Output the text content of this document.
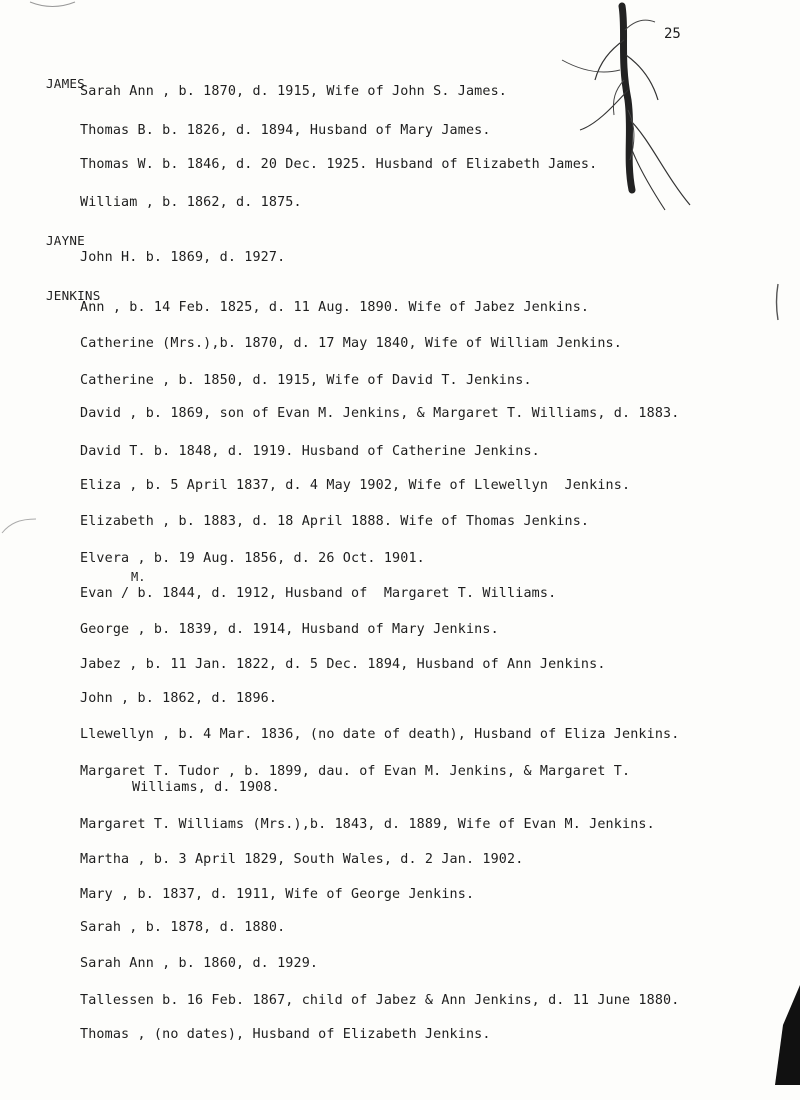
25
JAMES
Sarah Ann , b. 1870, d. 1915, Wife of John S. James.
Thomas B. b. 1826, d. 1894, Husband of Mary James.
Thomas W. b. 1846, d. 20 Dec. 1925. Husband of Elizabeth James.
William , b. 1862, d. 1875.
JAYNE
John H. b. 1869, d. 1927.
JENKINS
Ann , b. 14 Feb. 1825, d. 11 Aug. 1890. Wife of Jabez Jenkins.
Catherine (Mrs.),b. 1870, d. 17 May 1840, Wife of William Jenkins.
Catherine , b. 1850, d. 1915, Wife of David T. Jenkins.
David , b. 1869, son of Evan M. Jenkins, & Margaret T. Williams, d. 1883.
David T. b. 1848, d. 1919. Husband of Catherine Jenkins.
Eliza , b. 5 April 1837, d. 4 May 1902, Wife of Llewellyn  Jenkins.
Elizabeth , b. 1883, d. 18 April 1888. Wife of Thomas Jenkins.
Elvera , b. 19 Aug. 1856, d. 26 Oct. 1901.
M.
Evan / b. 1844, d. 1912, Husband of  Margaret T. Williams.
George , b. 1839, d. 1914, Husband of Mary Jenkins.
Jabez , b. 11 Jan. 1822, d. 5 Dec. 1894, Husband of Ann Jenkins.
John , b. 1862, d. 1896.
Llewellyn , b. 4 Mar. 1836, (no date of death), Husband of Eliza Jenkins.
Margaret T. Tudor , b. 1899, dau. of Evan M. Jenkins, & Margaret T.
Williams, d. 1908.
Margaret T. Williams (Mrs.),b. 1843, d. 1889, Wife of Evan M. Jenkins.
Martha , b. 3 April 1829, South Wales, d. 2 Jan. 1902.
Mary , b. 1837, d. 1911, Wife of George Jenkins.
Sarah , b. 1878, d. 1880.
Sarah Ann , b. 1860, d. 1929.
Tallessen b. 16 Feb. 1867, child of Jabez & Ann Jenkins, d. 11 June 1880.
Thomas , (no dates), Husband of Elizabeth Jenkins.
